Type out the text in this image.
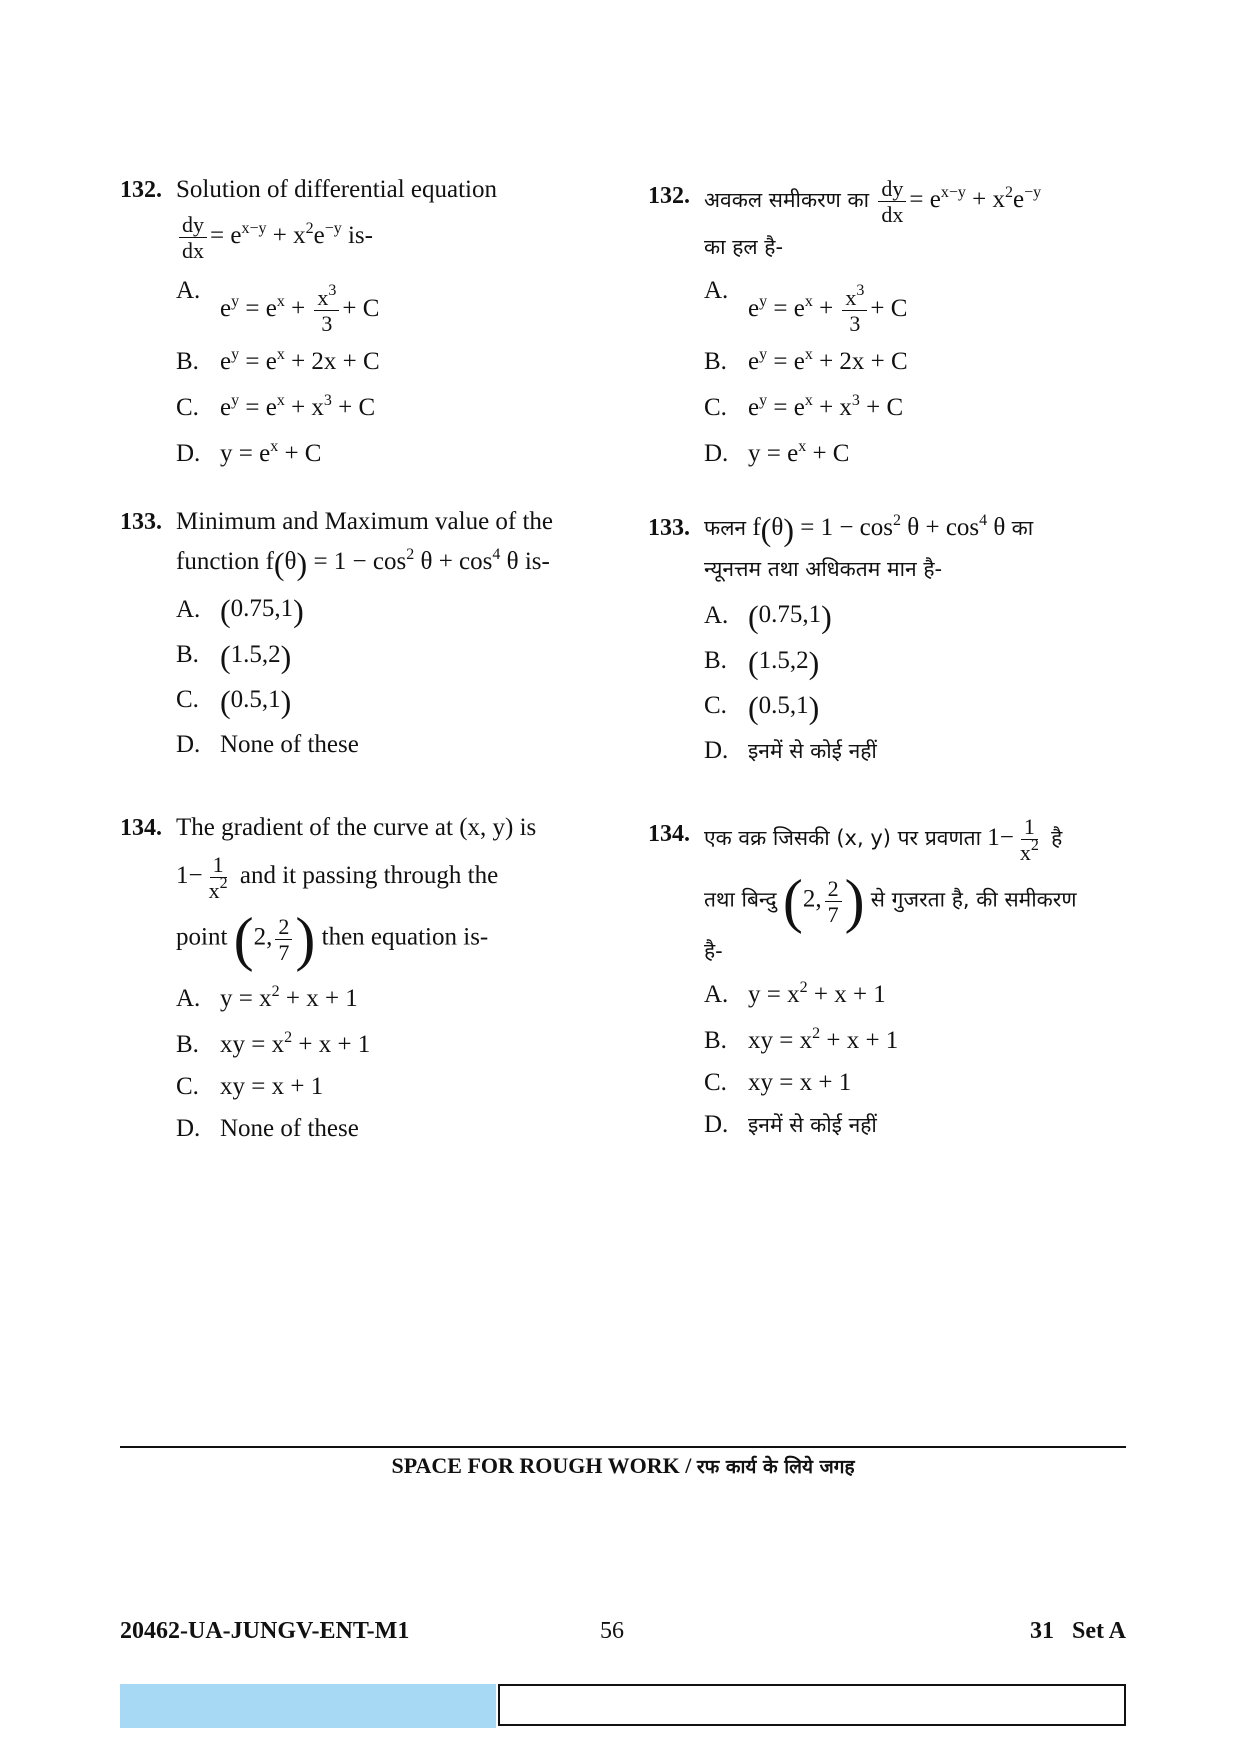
132. Solution of differential equation
$\frac{dy}{dx} = e^{x-y} + x^2e^{-y}$ is-
A.
$e^y = e^x + \frac{x^3}{3} + C$
B. $e^y = e^x + 2x + C$
C. $e^y = e^x + x^3 + C$
D. $y = e^x + C$
133. Minimum and Maximum value of the
function $f(\theta) = 1 - \cos^2 \theta + \cos^4 \theta$ is-
A. (0.75,1)
B. (1.5,2)
C. (0.5,1)
D. None of these
134. The gradient of the curve at (x, y) is
$1- \frac{1}{x^2}$ and it passing through the
point (2, $\frac{2}{7}$ ) then equation is-
A. $y = x^2 + x + 1$
B. xy = $x^2 + x + 1$
C. xy = x + 1
D. None of these
132. अवकल समीकरण का $\frac{dy}{dx} = e^{x-y} + x^2e^{-y}$
का हल है-
A.
$e^y = e^x + \frac{x^3}{3} + C$
B. $e^y = e^x + 2x + C$
C. $e^y = e^x + x^3 + C$
D. $y = e^x + C$
133. फलन $f(\theta) = 1 - \cos^2 \theta + \cos^4 \theta$ का
न्यूनत्तम तथा अधिकतम मान है-
A. (0.75,1)
B. (1.5,2)
C. (0.5,1)
D. इनमें से कोई नहीं
134. एक वक्र जिसकी (x, y) पर प्रवणता $1- \frac{1}{x^2}$ है
तथा बिन्दु (2, $\frac{2}{7}$ ) से गुजरता है, की समीकरण
है-
A. $y = x^2 + x + 1$
B. xy = $x^2 + x + 1$
C. xy = x + 1
D. इनमें से कोई नहीं
SPACE FOR ROUGH WORK / रफ कार्य के लिये जगह
20462-UA-JUNGV-ENT-M1	56	31   Set A
